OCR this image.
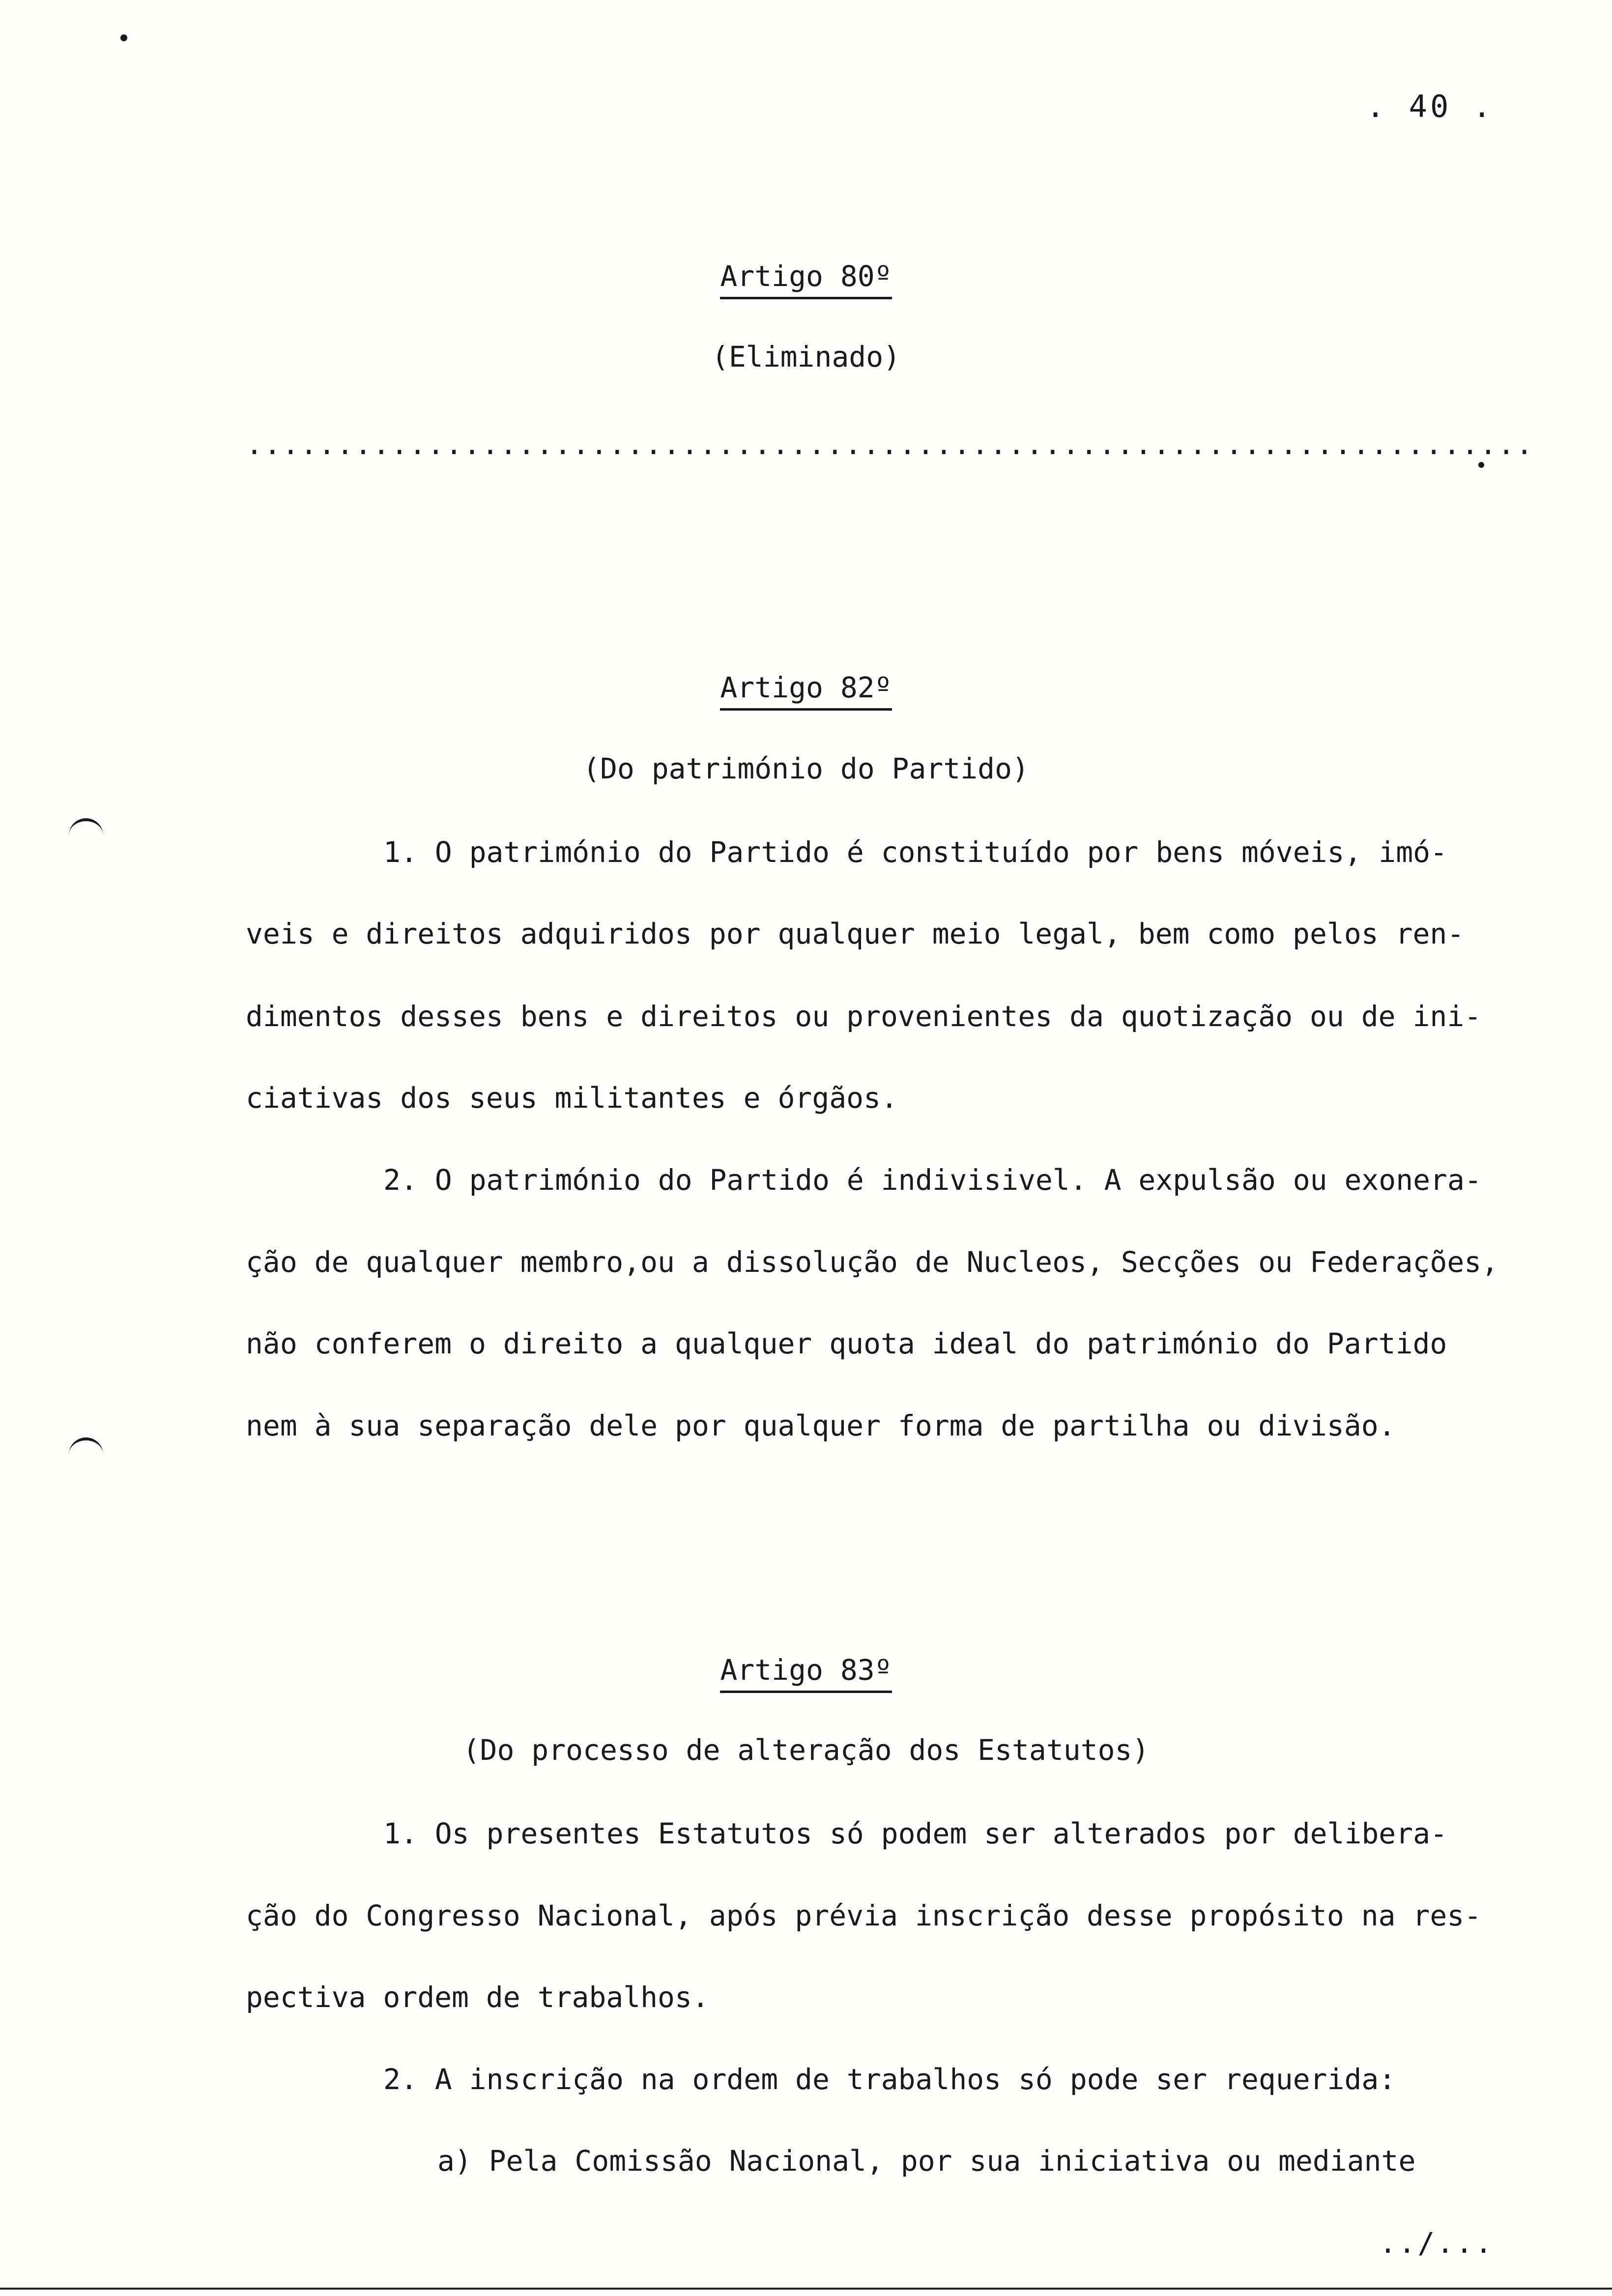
. 40 .
Artigo 80º
(Eliminado)
.......................................................................
Artigo 82º
(Do património do Partido)
1. O património do Partido é constituído por bens móveis, imó-
veis e direitos adquiridos por qualquer meio legal, bem como pelos ren-
dimentos desses bens e direitos ou provenientes da quotização ou de ini-
ciativas dos seus militantes e órgãos.
2. O património do Partido é indivisivel. A expulsão ou exonera-
ção de qualquer membro,ou a dissolução de Nucleos, Secções ou Federações,
não conferem o direito a qualquer quota ideal do património do Partido
nem à sua separação dele por qualquer forma de partilha ou divisão.
Artigo 83º
(Do processo de alteração dos Estatutos)
1. Os presentes Estatutos só podem ser alterados por delibera-
ção do Congresso Nacional, após prévia inscrição desse propósito na res-
pectiva ordem de trabalhos.
2. A inscrição na ordem de trabalhos só pode ser requerida:
a) Pela Comissão Nacional, por sua iniciativa ou mediante
../...
